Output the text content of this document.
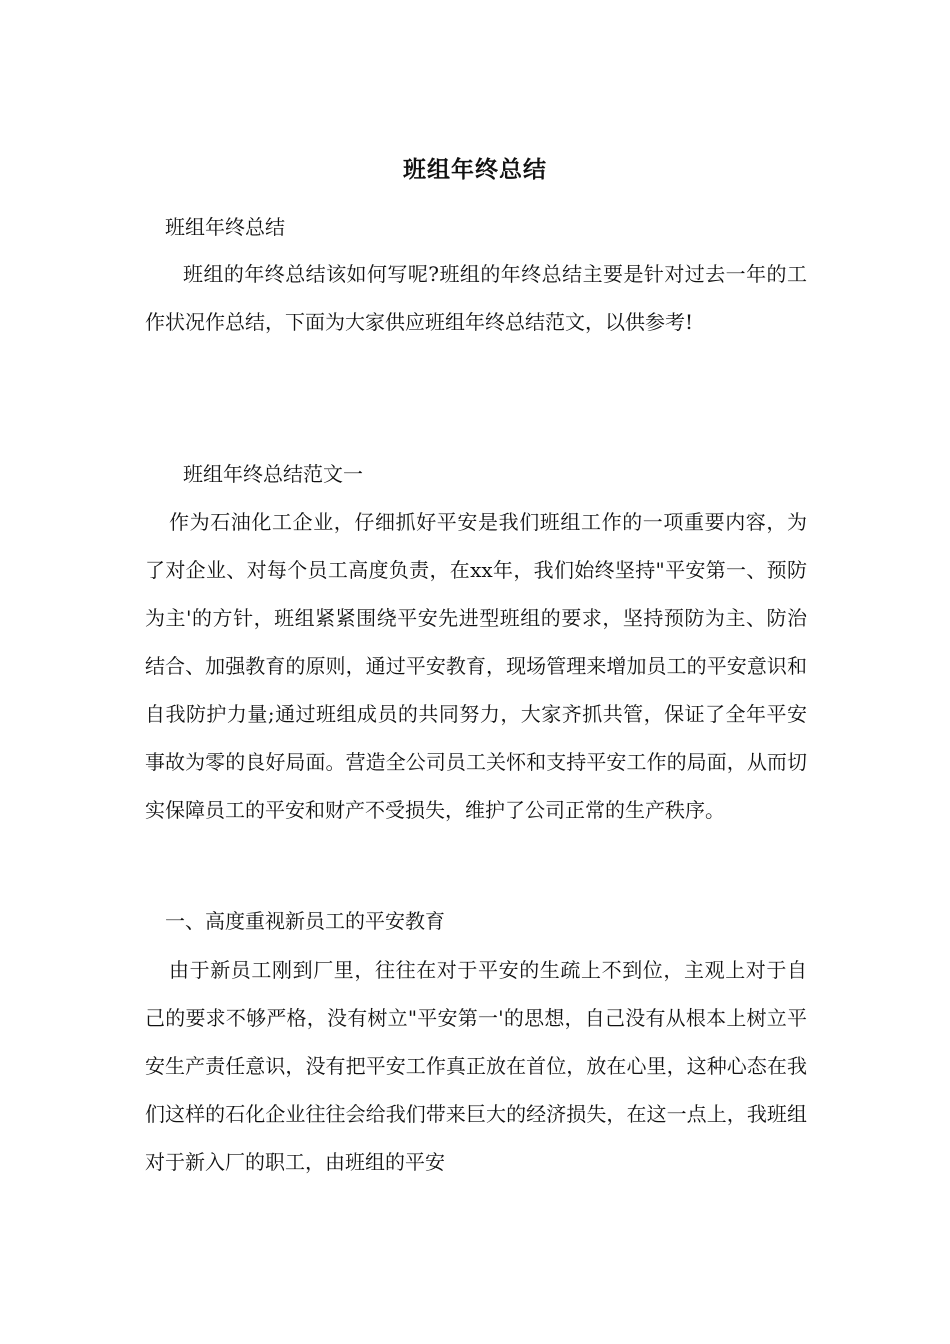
班组年终总结
班组年终总结
班组的年终总结该如何写呢?班组的年终总结主要是针对过去一年的工作状况作总结，下面为大家供应班组年终总结范文，以供参考!
班组年终总结范文一
作为石油化工企业，仔细抓好平安是我们班组工作的一项重要内容，为了对企业、对每个员工高度负责，在xx年，我们始终坚持"平安第一、预防为主'的方针，班组紧紧围绕平安先进型班组的要求，坚持预防为主、防治结合、加强教育的原则，通过平安教育，现场管理来增加员工的平安意识和自我防护力量;通过班组成员的共同努力，大家齐抓共管，保证了全年平安事故为零的良好局面。营造全公司员工关怀和支持平安工作的局面，从而切实保障员工的平安和财产不受损失，维护了公司正常的生产秩序。
一、高度重视新员工的平安教育
由于新员工刚到厂里，往往在对于平安的生疏上不到位，主观上对于自己的要求不够严格，没有树立"平安第一'的思想，自己没有从根本上树立平安生产责任意识，没有把平安工作真正放在首位，放在心里，这种心态在我们这样的石化企业往往会给我们带来巨大的经济损失，在这一点上，我班组对于新入厂的职工，由班组的平安
